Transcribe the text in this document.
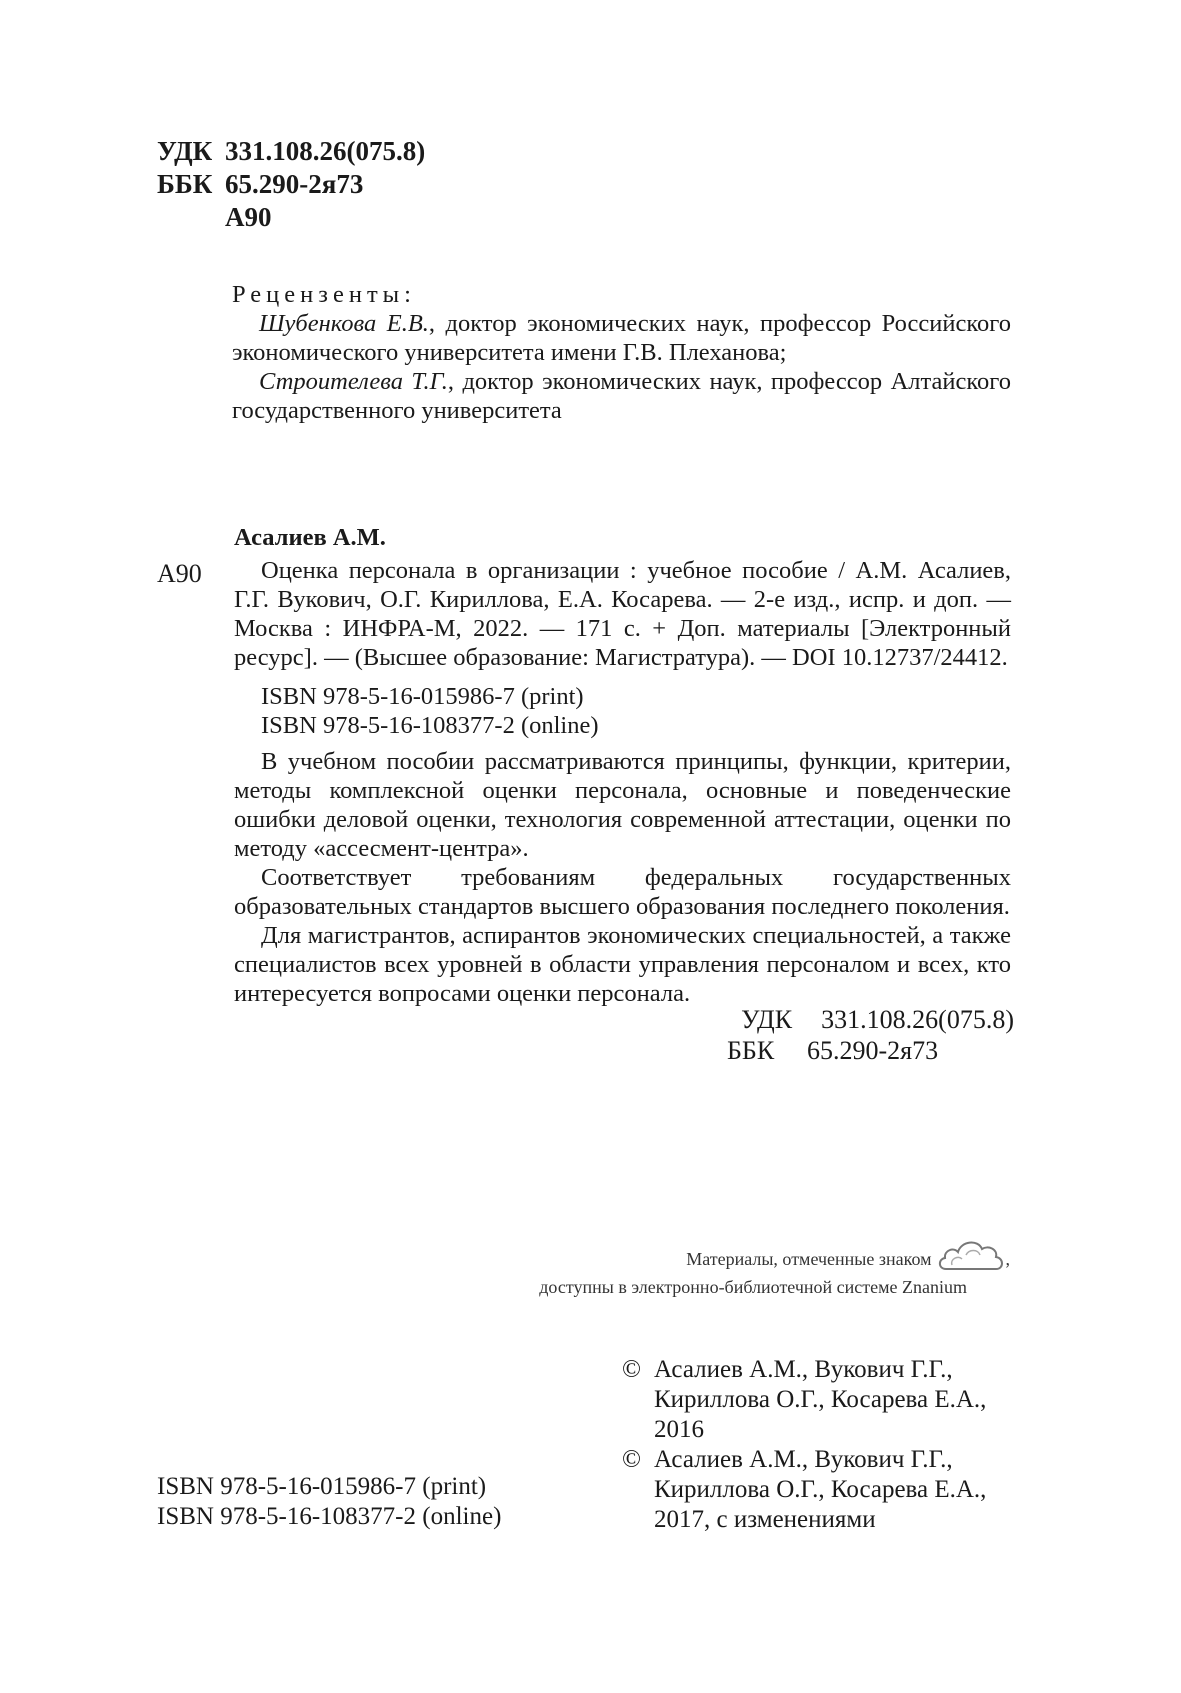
УДК 331.108.26(075.8)
ББК 65.290-2я73
А90
Рецензенты:

Шубенкова Е.В., доктор экономических наук, профессор Российского экономического университета имени Г.В. Плеханова;

Строителева Т.Г., доктор экономических наук, профессор Алтайского государственного университета

Асалиев А.М.
А90	Оценка персонала в организации : учебное пособие / А.М. Асалиев, Г.Г. Вукович, О.Г. Кириллова, Е.А. Косарева. — 2-е изд., испр. и доп. — Москва : ИНФРА-М, 2022. — 171 с. + Доп. материалы [Электронный ресурс]. — (Высшее образование: Магистратура). — DOI 10.12737/24412.

ISBN 978-5-16-015986-7 (print)

ISBN 978-5-16-108377-2 (online)

В учебном пособии рассматриваются принципы, функции, критерии, методы комплексной оценки персонала, основные и поведенческие ошибки деловой оценки, технология современной аттестации, оценки по методу «ассесмент-центра».

Соответствует требованиям федеральных государственных образовательных стандартов высшего образования последнего поколения.

Для магистрантов, аспирантов экономических специальностей, а также специалистов всех уровней в области управления персоналом и всех, кто интересуется вопросами оценки персонала.

УДК	331.108.26(075.8)
ББК	65.290-2я73
Материалы, отмеченные знаком	,
доступны в электронно-библиотечной системе Znanium
© Асалиев А.М., Вукович Г.Г.,
Кириллова О.Г., Косарева Е.А.,
2016
© Асалиев А.М., Вукович Г.Г.,
Кириллова О.Г., Косарева Е.А.,
2017, с изменениями
ISBN 978-5-16-015986-7 (print)
ISBN 978-5-16-108377-2 (online)
